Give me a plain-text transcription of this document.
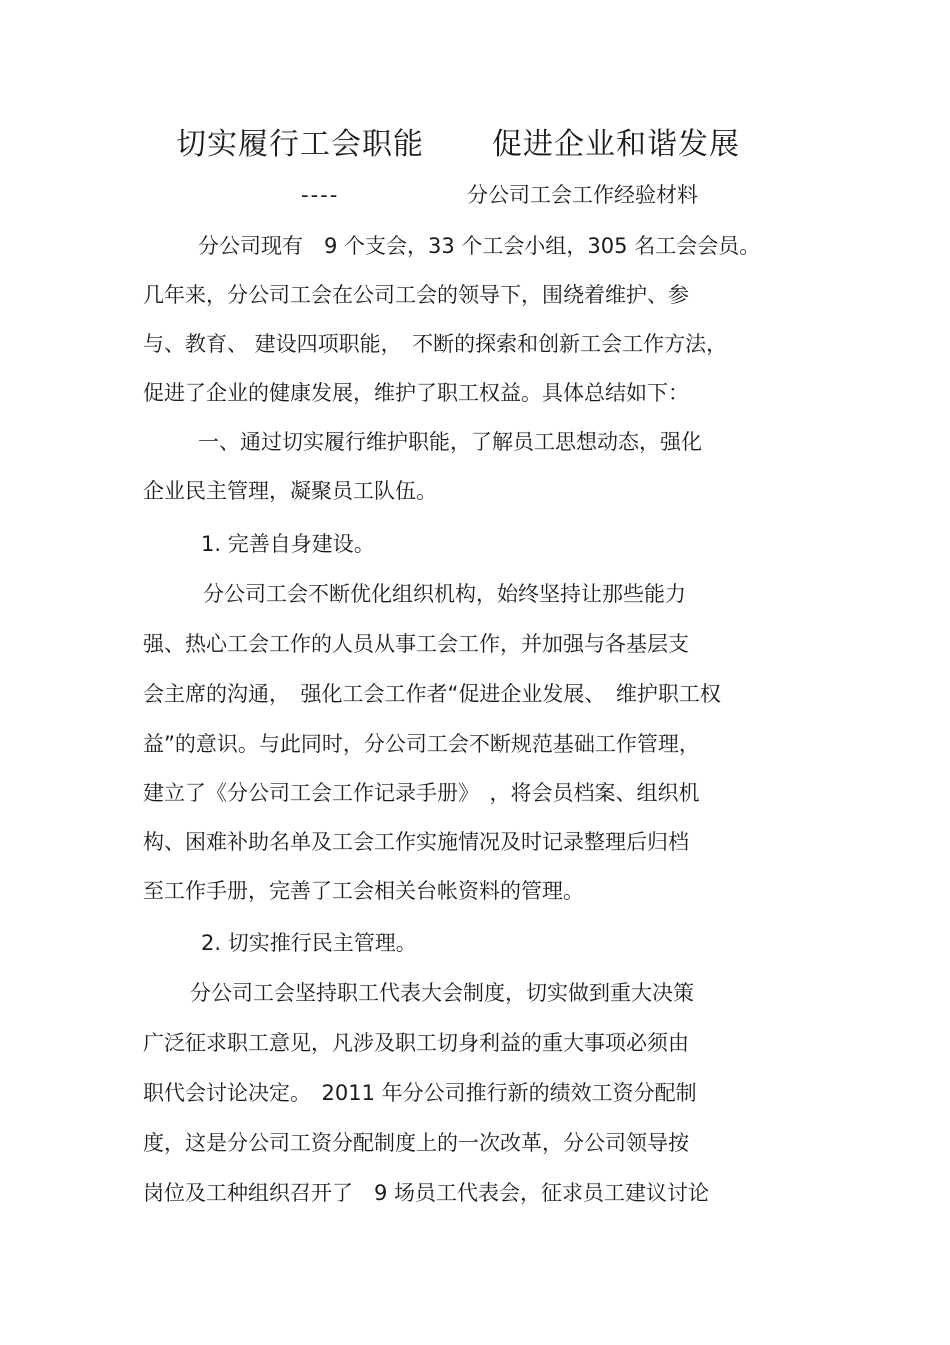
切实履行工会职能 促进企业和谐发展
----	分公司工会工作经验材料
分公司现有　9 个支会，33 个工会小组，305 名工会会员。
几年来，分公司工会在公司工会的领导下，围绕着维护、参
与、教育、 建设四项职能，　不断的探索和创新工会工作方法，
促进了企业的健康发展，维护了职工权益。具体总结如下：
一、通过切实履行维护职能，了解员工思想动态，强化
企业民主管理，凝聚员工队伍。
1. 完善自身建设。
分公司工会不断优化组织机构，始终坚持让那些能力
强、热心工会工作的人员从事工会工作，并加强与各基层支
会主席的沟通，　强化工会工作者“促进企业发展、　维护职工权
益”的意识。与此同时，分公司工会不断规范基础工作管理，
建立了《分公司工会工作记录手册》　，将会员档案、组织机
构、困难补助名单及工会工作实施情况及时记录整理后归档
至工作手册，完善了工会相关台帐资料的管理。
2. 切实推行民主管理。
分公司工会坚持职工代表大会制度，切实做到重大决策
广泛征求职工意见，凡涉及职工切身利益的重大事项必须由
职代会讨论决定。　2011 年分公司推行新的绩效工资分配制
度，这是分公司工资分配制度上的一次改革，分公司领导按
岗位及工种组织召开了　9 场员工代表会，征求员工建议讨论
